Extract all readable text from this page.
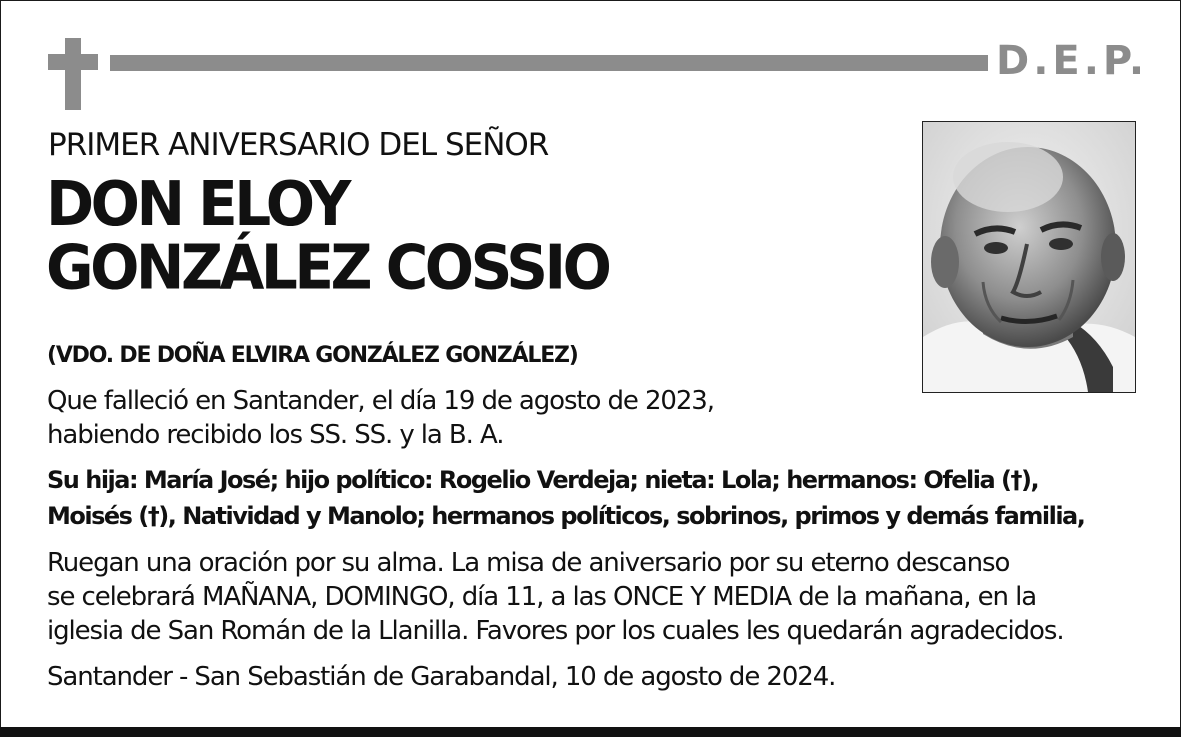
D.E.P.
PRIMER ANIVERSARIO DEL SEÑOR
DON ELOY
GONZÁLEZ COSSIO
(VDO. DE DOÑA ELVIRA GONZÁLEZ GONZÁLEZ)
Que falleció en Santander, el día 19 de agosto de 2023,
habiendo recibido los SS. SS. y la B. A.
Su hija: María José; hijo político: Rogelio Verdeja; nieta: Lola; hermanos: Ofelia (†),
Moisés (†), Natividad y Manolo; hermanos políticos, sobrinos, primos y demás familia,
Ruegan una oración por su alma. La misa de aniversario por su eterno descanso
se celebrará MAÑANA, DOMINGO, día 11, a las ONCE Y MEDIA de la mañana, en la
iglesia de San Román de la Llanilla. Favores por los cuales les quedarán agradecidos.
Santander - San Sebastián de Garabandal, 10 de agosto de 2024.
